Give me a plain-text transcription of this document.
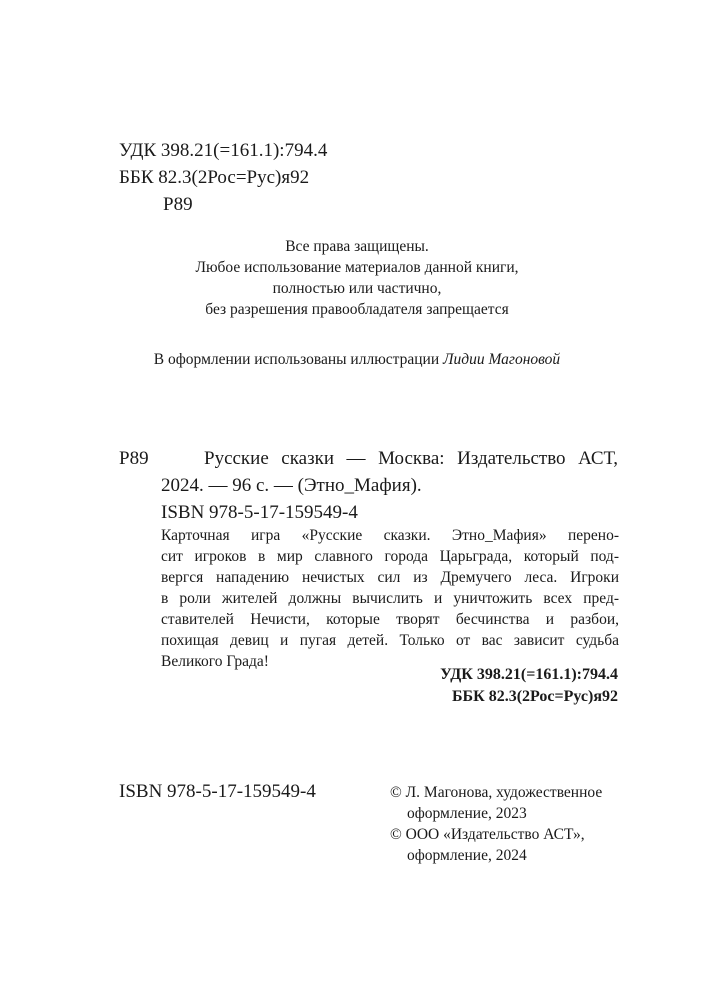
УДК 398.21(=161.1):794.4
ББК 82.3(2Рос=Рус)я92
Р89
Все права защищены.
Любое использование материалов данной книги,
полностью или частично,
без разрешения правообладателя запрещается
В оформлении использованы иллюстрации Лидии Магоновой
Р89	Русские сказки — Москва: Издательство АСТ,
2024. — 96 с. — (Этно_Мафия).
ISBN 978-5-17-159549-4
Карточная игра «Русские сказки. Этно_Мафия» перено-
сит игроков в мир славного города Царьграда, который под-
вергся нападению нечистых сил из Дремучего леса. Игроки
в роли жителей должны вычислить и уничтожить всех пред-
ставителей Нечисти, которые творят бесчинства и разбои,
похищая девиц и пугая детей. Только от вас зависит судьба
Великого Града!
УДК 398.21(=161.1):794.4
ББК 82.3(2Рос=Рус)я92
ISBN 978-5-17-159549-4	© Л. Магонова, художественное
оформление, 2023
© ООО «Издательство АСТ»,
оформление, 2024
